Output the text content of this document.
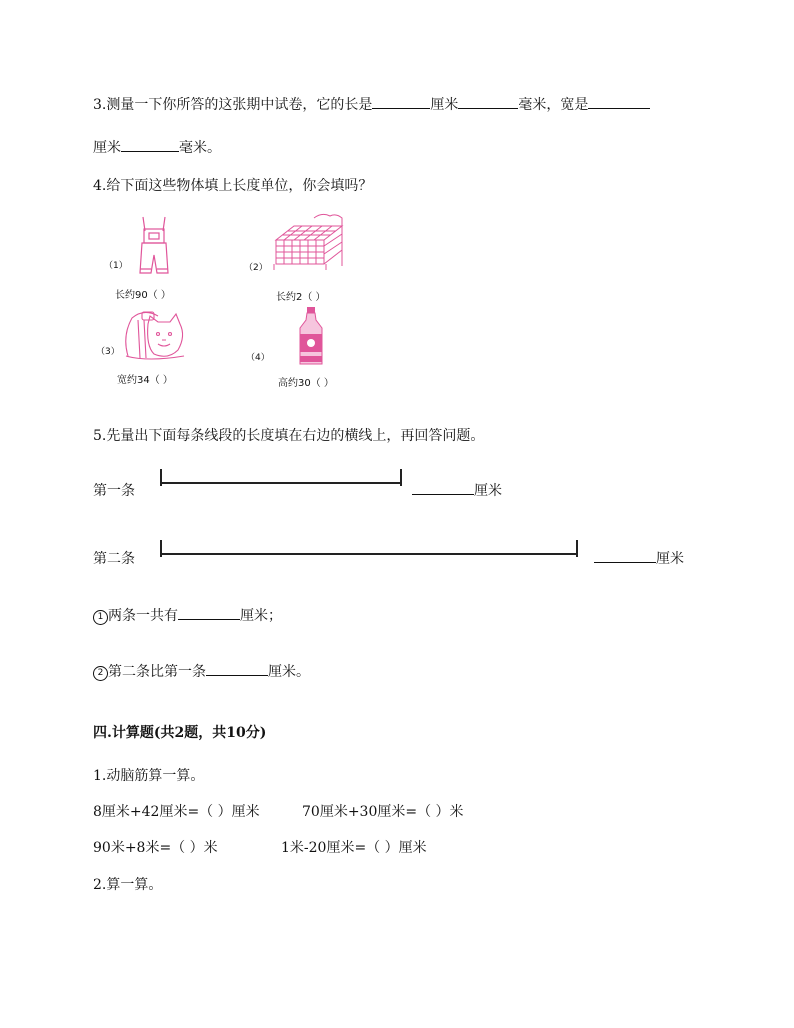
3.测量一下你所答的这张期中试卷，它的长是	厘米	毫米，宽是
厘米	毫米。
4.给下面这些物体填上长度单位，你会填吗？
（1）
长约90（ ）
（2）
长约2（ ）
（3）
宽约34（ ）
（4）
高约30（ ）
5.先量出下面每条线段的长度填在右边的横线上，再回答问题。
第一条	厘米
第二条	厘米
1 两条一共有	厘米；
2 第二条比第一条	厘米。
四.计算题(共2题，共10分)
1.动脑筋算一算。
8厘米+42厘米=（ ）厘米	70厘米+30厘米=（ ）米
90米+8米=（ ）米	1米-20厘米=（ ）厘米
2.算一算。
